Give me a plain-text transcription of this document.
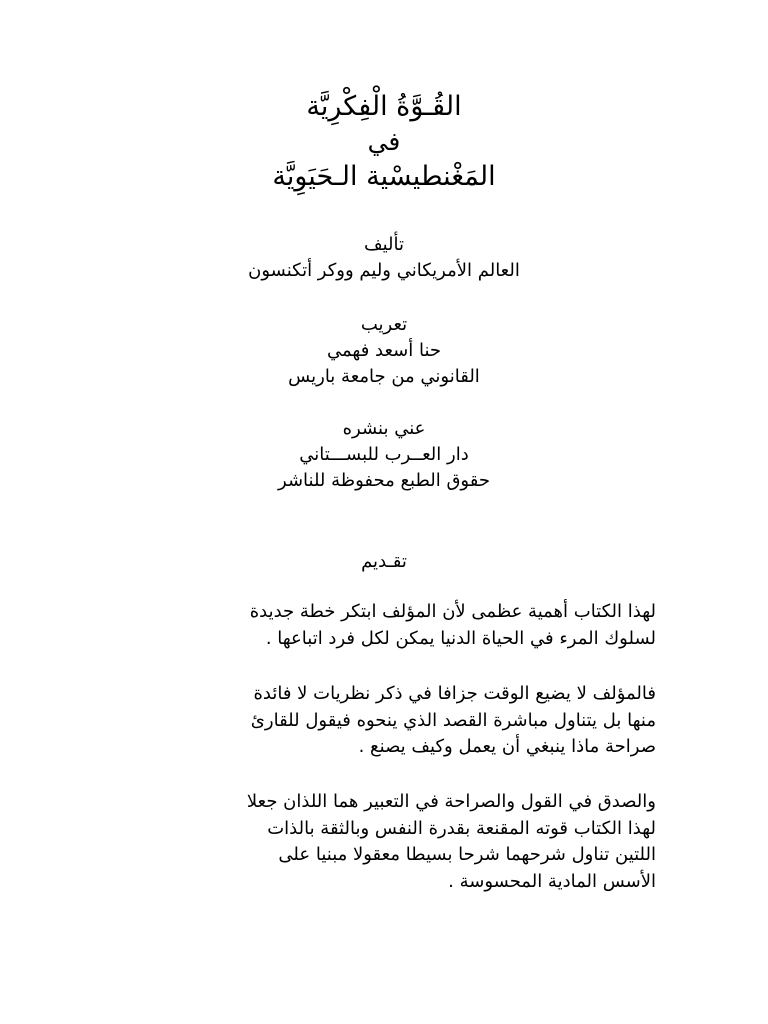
القُـوَّةُ الْفِكْرِيَّة
في
المَغْنطيسْية الـحَيَوِيَّة
تأليف
العالم الأمريكاني وليم ووكر أتكنسون
تعريب
حنا أسعد فهمي
القانوني من جامعة باريس
عني بنشره
دار العــرب للبســـتاني
حقوق الطبع محفوظة للناشر
تقـديم
لهذا الكتاب أهمية عظمى لأن المؤلف ابتكر خطة جديدة
لسلوك المرء في الحياة الدنيا يمكن لكل فرد اتباعها .
فالمؤلف لا يضيع الوقت جزافا في ذكر نظريات لا فائدة
منها بل يتناول مباشرة القصد الذي ينحوه فيقول للقارئ
صراحة ماذا ينبغي أن يعمل وكيف يصنع .
والصدق في القول والصراحة في التعبير هما اللذان جعلا
لهذا الكتاب قوته المقنعة بقدرة النفس وبالثقة بالذات
اللتين تناول شرحهما شرحا بسيطا معقولا مبنيا على
الأسس المادية المحسوسة .
